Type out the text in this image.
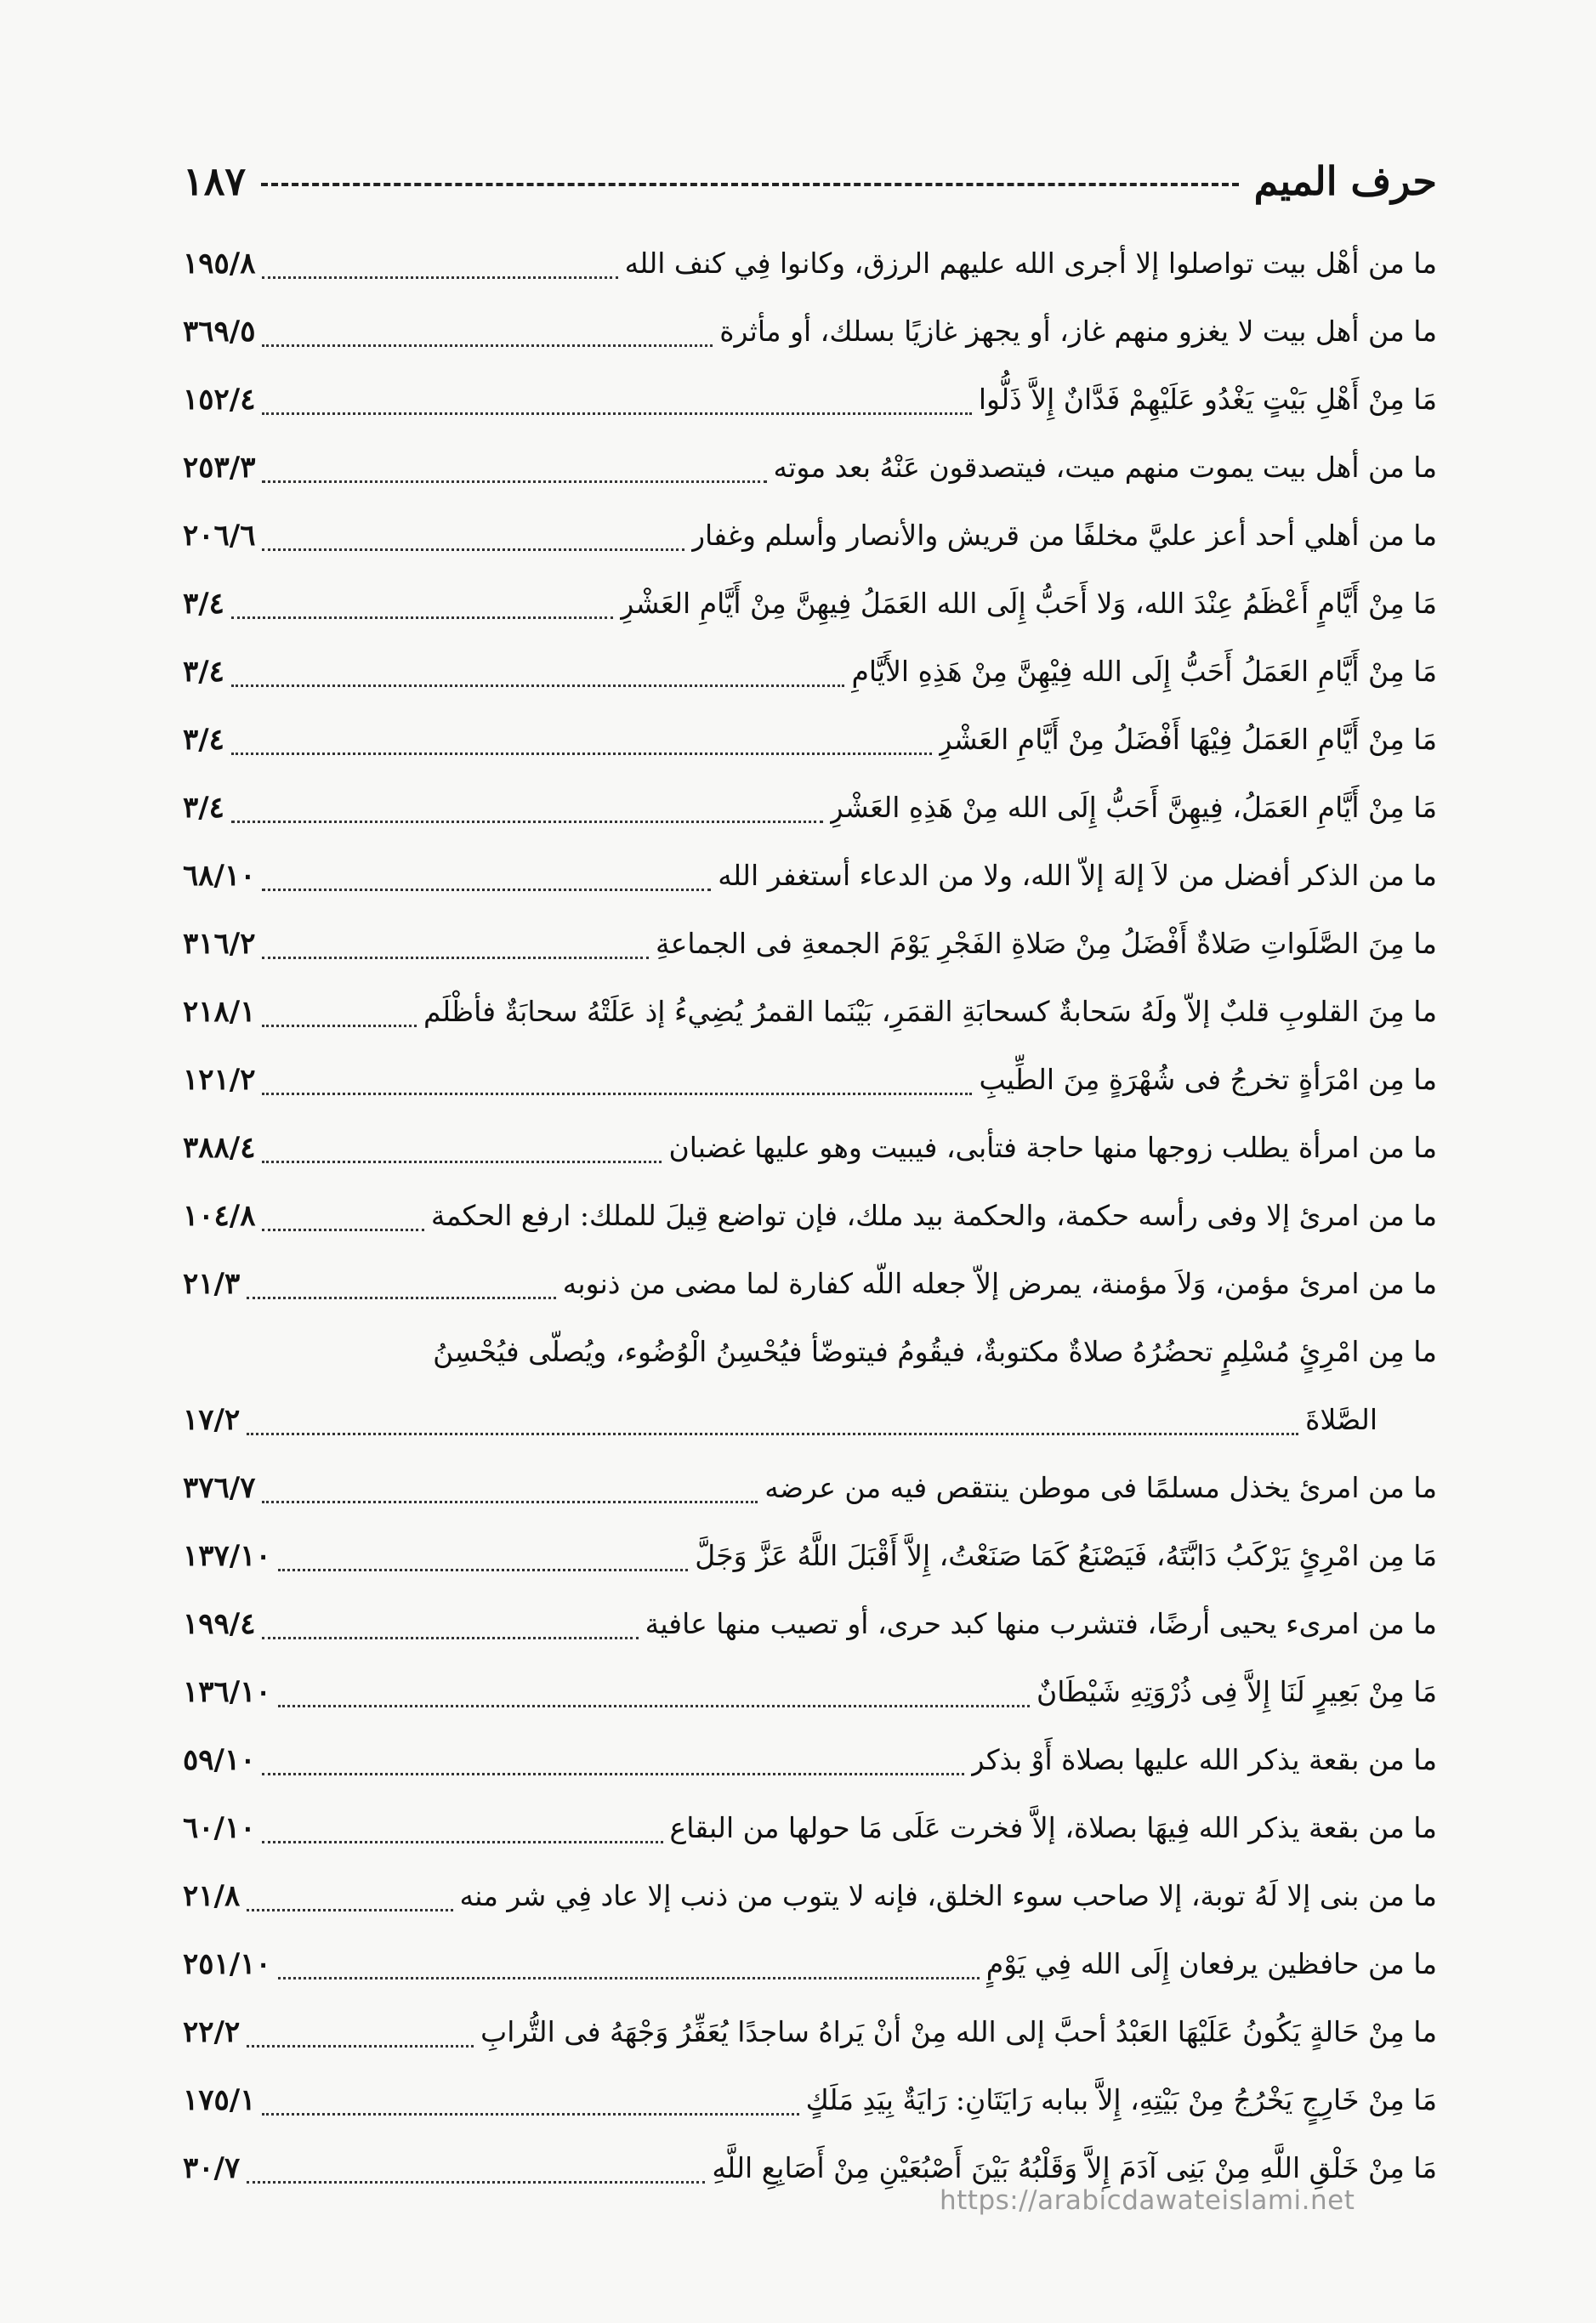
حرف الميم
١٨٧
ما من أهْل بيت تواصلوا إلا أجرى الله عليهم الرزق، وكانوا فِي كنف الله
١٩٥/٨
ما من أهل بيت لا يغزو منهم غاز، أو يجهز غازيًا بسلك، أو مأثرة
٣٦٩/٥
مَا مِنْ أَهْلِ بَيْتٍ يَغْدُو عَلَيْهِمْ فَدَّانٌ إِلاَّ ذَلُّوا
١٥٢/٤
ما من أهل بيت يموت منهم ميت، فيتصدقون عَنْهُ بعد موته
٢٥٣/٣
ما من أهلي أحد أعز عليَّ مخلفًا من قريش والأنصار وأسلم وغفار
٢٠٦/٦
مَا مِنْ أَيَّامٍ أَعْظَمُ عِنْدَ الله، وَلا أَحَبُّ إِلَى الله العَمَلُ فِيهِنَّ مِنْ أَيَّامِ العَشْرِ
٣/٤
مَا مِنْ أَيَّامِ العَمَلُ أَحَبُّ إِلَى الله فِيْهِنَّ مِنْ هَذِهِ الأَيَّامِ
٣/٤
مَا مِنْ أَيَّامِ العَمَلُ فِيْهَا أَفْضَلُ مِنْ أَيَّامِ العَشْرِ
٣/٤
مَا مِنْ أَيَّامِ العَمَلُ، فِيهِنَّ أَحَبُّ إِلَى الله مِنْ هَذِهِ العَشْرِ
٣/٤
ما من الذكر أفضل من لاَ إلهَ إلاّ الله، ولا من الدعاء أستغفر الله
٦٨/١٠
ما مِنَ الصَّلَواتِ صَلاةٌ أَفْضَلُ مِنْ صَلاةِ الفَجْرِ يَوْمَ الجمعةِ فى الجماعةِ
٣١٦/٢
ما مِنَ القلوبِ قلبٌ إلاّ ولَهُ سَحابةٌ كسحابَةِ القمَرِ، بَيْنَما القمرُ يُضِيءُ إذ عَلَتْهُ سحابَةٌ فأظْلَم
٢١٨/١
ما مِن امْرَأةٍ تخرجُ فى شُهْرَةٍ مِنَ الطِّيبِ
١٢١/٢
ما من امرأة يطلب زوجها منها حاجة فتأبى، فيبيت وهو عليها غضبان
٣٨٨/٤
ما من امرئ إلا وفى رأسه حكمة، والحكمة بيد ملك، فإن تواضع قِيلَ للملك: ارفع الحكمة
١٠٤/٨
ما من امرئ مؤمن، وَلاَ مؤمنة، يمرض إلاّ جعله اللّه كفارة لما مضى من ذنوبه
٢١/٣
ما مِن امْرِئٍ مُسْلِمٍ تحضُرُهُ صلاةٌ مكتوبةٌ، فيقُومُ فيتوضّأ فيُحْسِنُ الْوُضُوء، ويُصلّى فيُحْسِنُ
الصَّلاةَ
١٧/٢
ما من امرئ يخذل مسلمًا فى موطن ينتقص فيه من عرضه
٣٧٦/٧
مَا مِن امْرِئٍ يَرْكَبُ دَابَّتَهُ، فَيَصْنَعُ كَمَا صَنَعْتُ، إِلاَّ أَقْبَلَ اللَّهُ عَزَّ وَجَلَّ
١٣٧/١٠
ما من امرىء يحيى أرضًا، فتشرب منها كبد حرى، أو تصيب منها عافية
١٩٩/٤
مَا مِنْ بَعِيرٍ لَنَا إِلاَّ فِى ذُرْوَتِهِ شَيْطَانٌ
١٣٦/١٠
ما من بقعة يذكر الله عليها بصلاة أَوْ بذكر
٥٩/١٠
ما من بقعة يذكر الله فِيهَا بصلاة، إلاَّ فخرت عَلَى مَا حولها من البقاع
٦٠/١٠
ما من بنى إلا لَهُ توبة، إلا صاحب سوء الخلق، فإنه لا يتوب من ذنب إلا عاد فِي شر منه
٢١/٨
ما من حافظين يرفعان إِلَى الله فِي يَوْمٍ
٢٥١/١٠
ما مِنْ حَالةٍ يَكُونُ عَلَيْهَا العَبْدُ أحبَّ إلى الله مِنْ أنْ يَراهُ ساجدًا يُعَفِّرُ وَجْهَهُ فى التُّرابِ
٢٢/٢
مَا مِنْ خَارِجٍ يَخْرُجُ مِنْ بَيْتِهِ، إِلاَّ ببابه رَايَتَانِ: رَايَةٌ بِيَدِ مَلَكٍ
١٧٥/١
مَا مِنْ خَلْقِ اللَّهِ مِنْ بَنِى آدَمَ إِلاَّ وَقَلْبُهُ بَيْنَ أَصْبُعَيْنِ مِنْ أَصَابِعِ اللَّهِ
٣٠/٧
https://arabicdawateislami.net
